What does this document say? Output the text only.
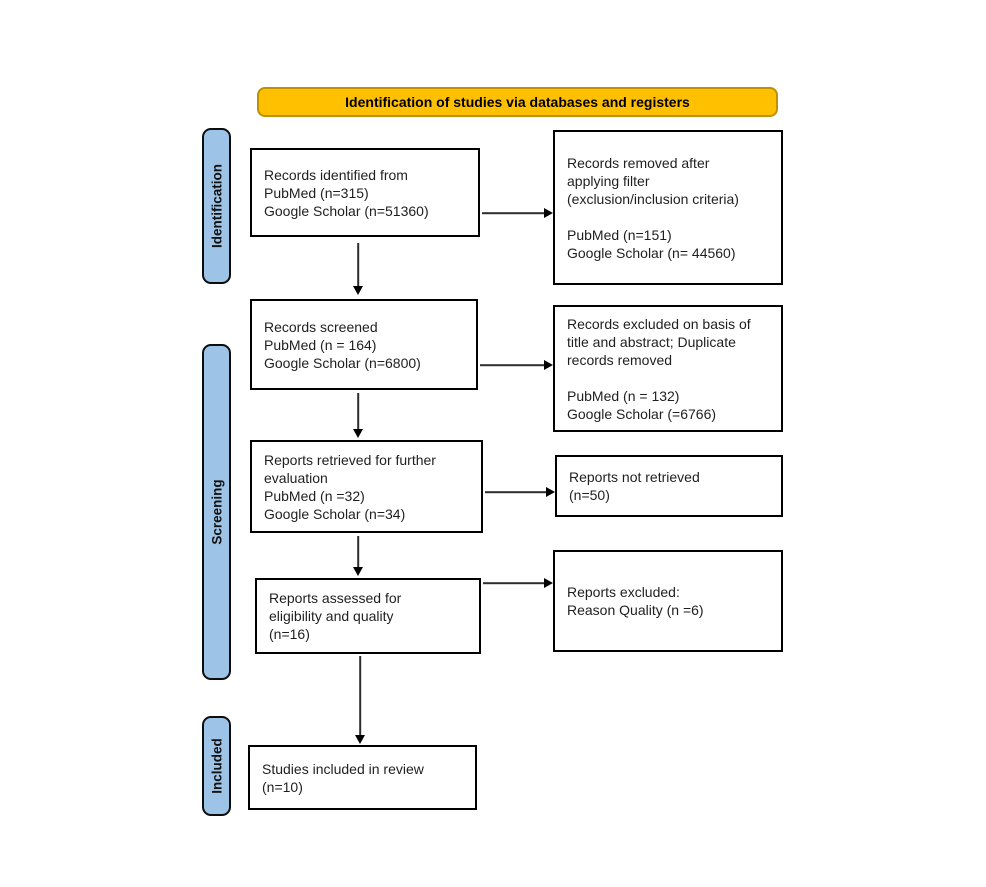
Identification of studies via databases and registers
Identification
Screening
Included
Records identified from
PubMed (n=315)
Google Scholar (n=51360)
Records removed after
applying filter
(exclusion/inclusion criteria)
PubMed (n=151)
Google Scholar (n= 44560)
Records screened
PubMed (n = 164)
Google Scholar (n=6800)
Records excluded on basis of
title and abstract; Duplicate
records removed
PubMed (n = 132)
Google Scholar (=6766)
Reports retrieved for further
evaluation
PubMed (n =32)
Google Scholar (n=34)
Reports not retrieved
(n=50)
Reports assessed for
eligibility and quality
(n=16)
Reports excluded:
Reason Quality (n =6)
Studies included in review
(n=10)
